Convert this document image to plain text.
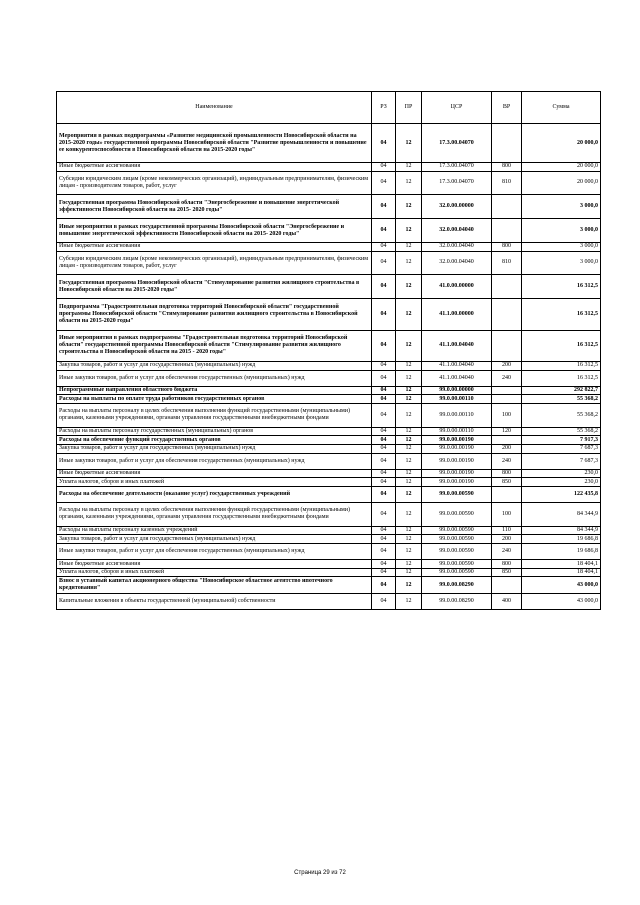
Наименование	РЗ	ПР	ЦСР	ВР	Сумма
Мероприятия в рамках подпрограммы «Развитие медицинской промышленности Новосибирской области на 2015-2020 годы» государственной программы Новосибирской области "Развитие промышленности и повышение ее конкурентоспособности в Новосибирской области на 2015-2020 годы"	04	12	17.3.00.04070		20 000,0
Иные бюджетные ассигнования	04	12	17.3.00.04070	800	20 000,0
Субсидии юридическим лицам (кроме некоммерческих организаций), индивидуальным предпринимателям, физическим лицам - производителям товаров, работ, услуг	04	12	17.3.00.04070	810	20 000,0
Государственная программа Новосибирской области "Энергосбережение и повышение энергетической эффективности Новосибирской области на 2015- 2020 годы"	04	12	32.0.00.00000		3 000,0
Иные мероприятия в рамках государственной программы Новосибирской области "Энергосбережение и повышение энергетической эффективности Новосибирской области на 2015- 2020 годы"	04	12	32.0.00.04040		3 000,0
Иные бюджетные ассигнования	04	12	32.0.00.04040	800	3 000,0
Субсидии юридическим лицам (кроме некоммерческих организаций), индивидуальным предпринимателям, физическим лицам - производителям товаров, работ, услуг	04	12	32.0.00.04040	810	3 000,0
Государственная программа Новосибирской области "Стимулирование развития жилищного строительства в Новосибирской области на 2015-2020 годы"	04	12	41.0.00.00000		16 312,5
Подпрограмма "Градостроительная подготовка территорий Новосибирской области" государственной программы Новосибирской области "Стимулирование развития жилищного строительства в Новосибирской области на 2015-2020 годы"	04	12	41.1.00.00000		16 312,5
Иные мероприятия в рамках подпрограммы "Градостроительная подготовка территорий Новосибирской области" государственной программы Новосибирской области "Стимулирование развития жилищного строительства в Новосибирской области на 2015 - 2020 годы"	04	12	41.1.00.04040		16 312,5
Закупка товаров, работ и услуг для государственных (муниципальных) нужд	04	12	41.1.00.04040	200	16 312,5
Иные закупки товаров, работ и услуг для обеспечения государственных (муниципальных) нужд	04	12	41.1.00.04040	240	16 312,5
Непрограммные направления областного бюджета	04	12	99.0.00.00000		292 822,7
Расходы на выплаты по оплате труда работников государственных органов	04	12	99.0.00.00110		55 368,2
Расходы на выплаты персоналу в целях обеспечения выполнения функций государственными (муниципальными) органами, казенными учреждениями, органами управления государственными внебюджетными фондами	04	12	99.0.00.00110	100	55 368,2
Расходы на выплаты персоналу государственных (муниципальных) органов	04	12	99.0.00.00110	120	55 368,2
Расходы на обеспечение функций государственных органов	04	12	99.0.00.00190		7 917,3
Закупка товаров, работ и услуг для государственных (муниципальных) нужд	04	12	99.0.00.00190	200	7 687,3
Иные закупки товаров, работ и услуг для обеспечения государственных (муниципальных) нужд	04	12	99.0.00.00190	240	7 687,3
Иные бюджетные ассигнования	04	12	99.0.00.00190	800	230,0
Уплата налогов, сборов и иных платежей	04	12	99.0.00.00190	850	230,0
Расходы на обеспечение деятельности (оказание услуг) государственных учреждений	04	12	99.0.00.00590		122 435,8
Расходы на выплаты персоналу в целях обеспечения выполнения функций государственными (муниципальными) органами, казенными учреждениями, органами управления государственными внебюджетными фондами	04	12	99.0.00.00590	100	84 344,9
Расходы на выплаты персоналу казенных учреждений	04	12	99.0.00.00590	110	84 344,9
Закупка товаров, работ и услуг для государственных (муниципальных) нужд	04	12	99.0.00.00590	200	19 686,8
Иные закупки товаров, работ и услуг для обеспечения государственных (муниципальных) нужд	04	12	99.0.00.00590	240	19 686,8
Иные бюджетные ассигнования	04	12	99.0.00.00590	800	18 404,1
Уплата налогов, сборов и иных платежей	04	12	99.0.00.00590	850	18 404,1
Взнос в уставный капитал акционерного общества "Новосибирское областное агентство ипотечного кредитования"	04	12	99.0.00.08290		43 000,0
Капитальные вложения в объекты государственной (муниципальной) собственности	04	12	99.0.00.08290	400	43 000,0
Страница 29 из 72
